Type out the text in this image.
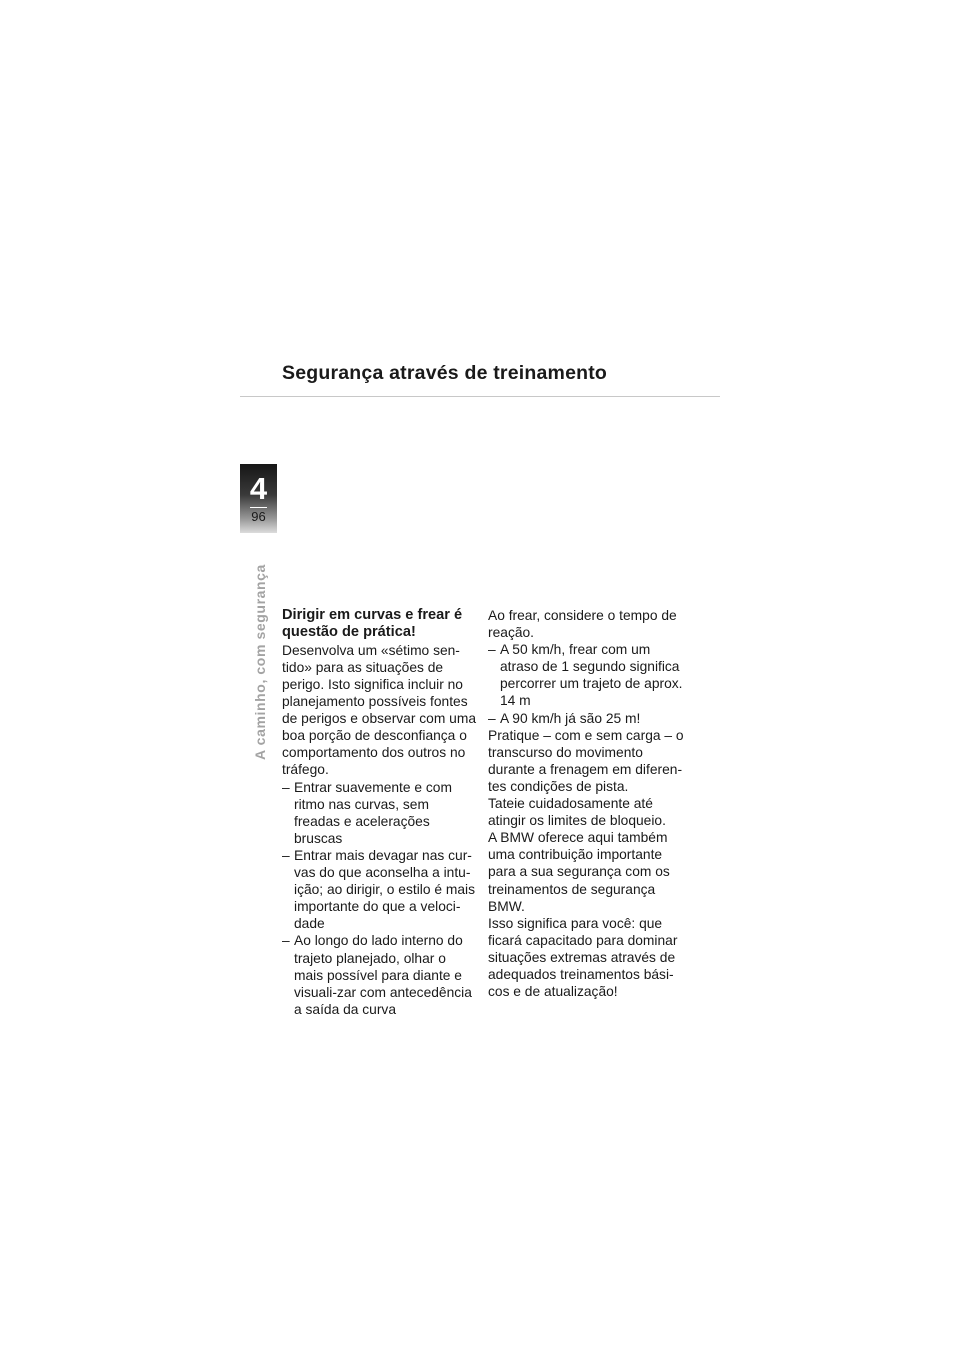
Segurança através de treinamento
4
96
A caminho, com segurança Dirigir em curvas e frear é questão de prática!

Desenvolva um «sétimo sen-tido» para as situações de perigo. Isto significa incluir no planejamento possíveis fontes de perigos e observar com uma boa porção de desconfiança o comportamento dos outros no tráfego.

– Entrar suavemente e com ritmo nas curvas, sem freadas e acelerações bruscas
– Entrar mais devagar nas cur-vas do que aconselha a intu-ição; ao dirigir, o estilo é mais importante do que a veloci-dade
– Ao longo do lado interno do trajeto planejado, olhar o mais possível para diante e visuali-zar com antecedência a saída da curva

Ao frear, considere o tempo de reação.

– A 50 km/h, frear com um atraso de 1 segundo significa percorrer um trajeto de aprox. 14 m
– A 90 km/h já são 25 m!

Pratique – com e sem carga – o transcurso do movimento durante a frenagem em diferen-tes condições de pista.

Tateie cuidadosamente até atingir os limites de bloqueio.

A BMW oferece aqui também uma contribuição importante para a sua segurança com os treinamentos de segurança BMW.

Isso significa para você: que ficará capacitado para dominar situações extremas através de adequados treinamentos bási-cos e de atualização!
